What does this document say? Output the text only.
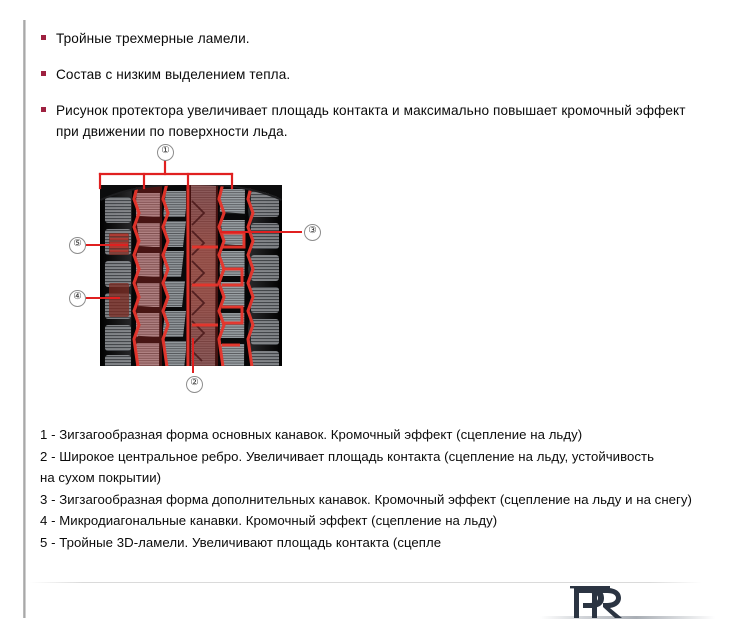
Тройные трехмерные ламели.
Состав с низким выделением тепла.
Рисунок протектора увеличивает площадь контакта и максимально повышает кромочный эффект при движении по поверхности льда.
①
③
⑤
④
②
1 - Зигзагообразная форма основных канавок. Кромочный эффект (сцепление на льду)
2 - Широкое центральное ребро. Увеличивает площадь контакта (сцепление на льду, устойчивость на сухом покрытии)
3 - Зигзагообразная форма дополнительных канавок. Кромочный эффект (сцепление на льду и на снегу)
4 - Микродиагональные канавки. Кромочный эффект (сцепление на льду)
5 - Тройные 3D-ламели. Увеличивают площадь контакта (сцепле
